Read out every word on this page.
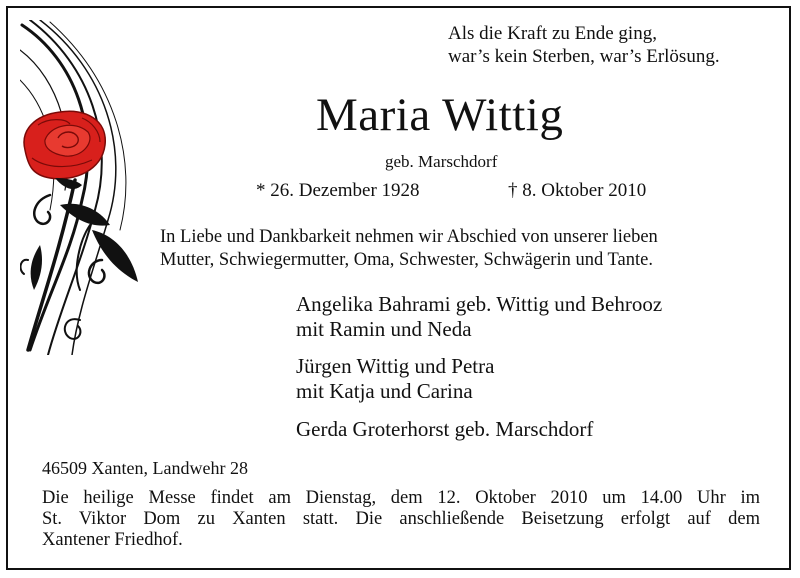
Als die Kraft zu Ende ging,
war’s kein Sterben, war’s Erlösung.
Maria Wittig
geb. Marschdorf
* 26. Dezember 1928	† 8. Oktober 2010
In Liebe und Dankbarkeit nehmen wir Abschied von unserer lieben
Mutter, Schwiegermutter, Oma, Schwester, Schwägerin und Tante.
Angelika Bahrami geb. Wittig und Behrooz
mit Ramin und Neda
Jürgen Wittig und Petra
mit Katja und Carina
Gerda Groterhorst geb. Marschdorf
46509 Xanten, Landwehr 28
Die heilige Messe findet am Dienstag, dem 12. Oktober 2010 um 14.00 Uhr im
St. Viktor Dom zu Xanten statt. Die anschließende Beisetzung erfolgt auf dem
Xantener Friedhof.
